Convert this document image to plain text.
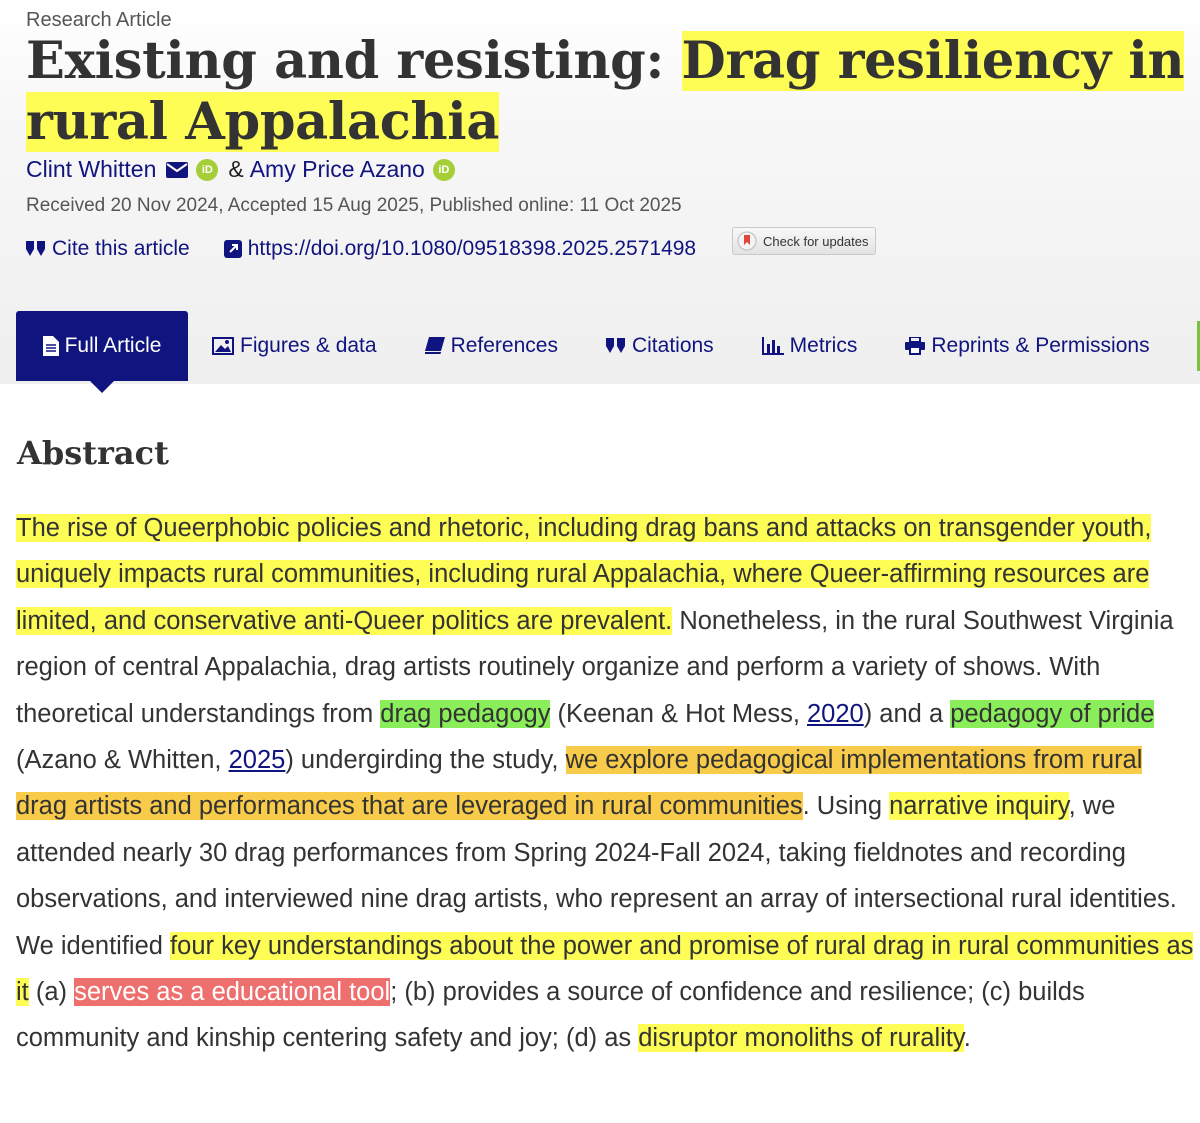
Research Article
Existing and resisting: Drag resiliency in rural Appalachia
Clint Whitten	iD & Amy Price Azano	iD
Received 20 Nov 2024, Accepted 15 Aug 2025, Published online: 11 Oct 2025
Cite this article	https://doi.org/10.1080/09518398.2025.2571498	Check for updates
Full Article	Figures & data	References	Citations	Metrics	Reprints & Permissions
Abstract

The rise of Queerphobic policies and rhetoric, including drag bans and attacks on transgender youth, uniquely impacts rural communities, including rural Appalachia, where Queer-affirming resources are limited, and conservative anti-Queer politics are prevalent. Nonetheless, in the rural Southwest Virginia region of central Appalachia, drag artists routinely organize and perform a variety of shows. With theoretical understandings from drag pedagogy (Keenan & Hot Mess, 2020) and a pedagogy of pride (Azano & Whitten, 2025) undergirding the study, we explore pedagogical implementations from rural drag artists and performances that are leveraged in rural communities. Using narrative inquiry, we attended nearly 30 drag performances from Spring 2024-Fall 2024, taking fieldnotes and recording observations, and interviewed nine drag artists, who represent an array of intersectional rural identities. We identified four key understandings about the power and promise of rural drag in rural communities as it (a) serves as a educational tool; (b) provides a source of confidence and resilience; (c) builds community and kinship centering safety and joy; (d) as disruptor monoliths of rurality.
